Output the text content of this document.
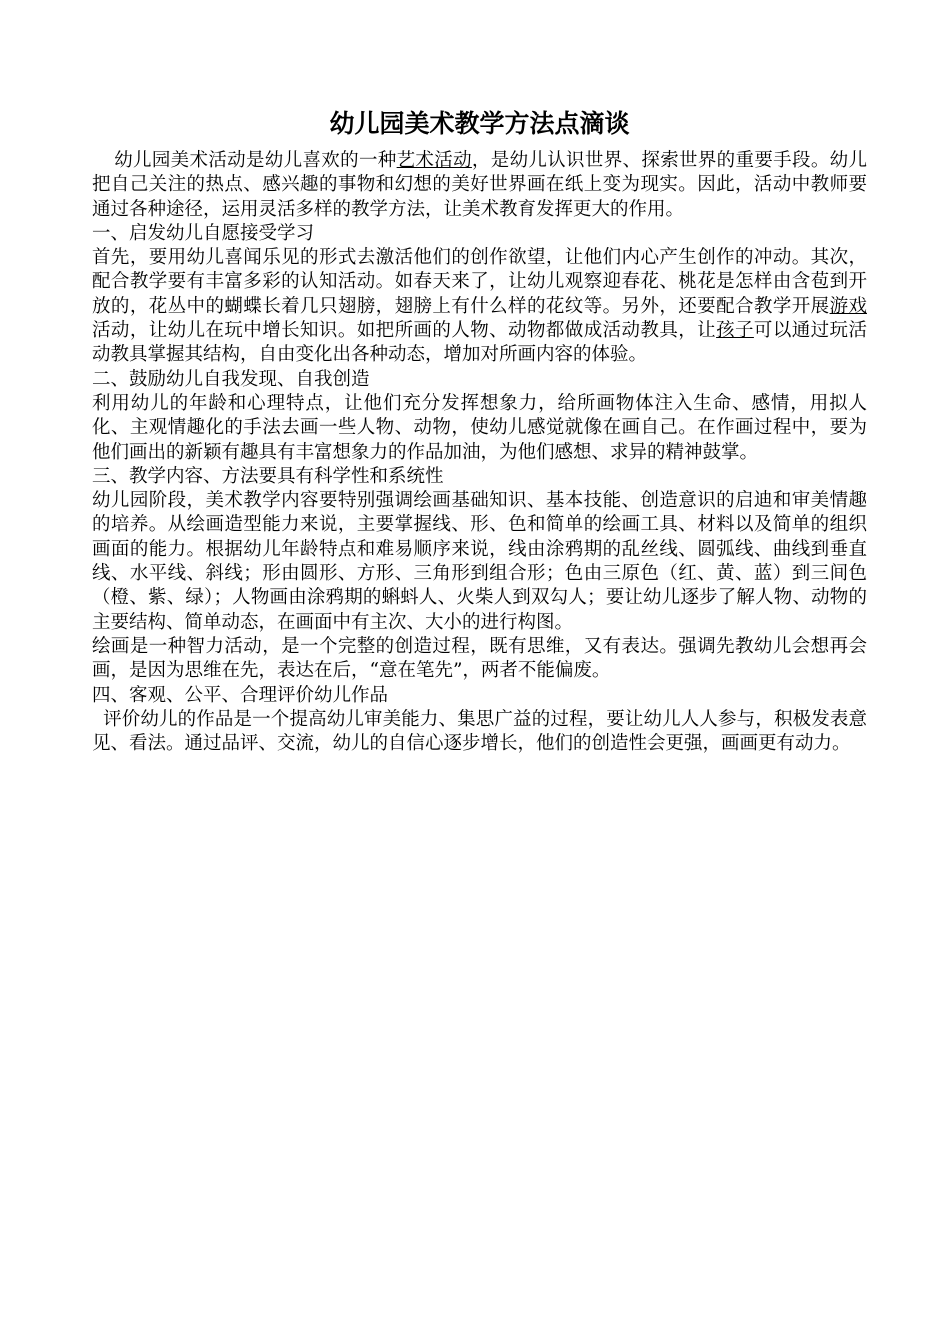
幼儿园美术教学方法点滴谈

幼儿园美术活动是幼儿喜欢的一种艺术活动，是幼儿认识世界、探索世界的重要手段。幼儿把自己关注的热点、感兴趣的事物和幻想的美好世界画在纸上变为现实。因此，活动中教师要通过各种途径，运用灵活多样的教学方法，让美术教育发挥更大的作用。

一、启发幼儿自愿接受学习

首先，要用幼儿喜闻乐见的形式去激活他们的创作欲望，让他们内心产生创作的冲动。其次，配合教学要有丰富多彩的认知活动。如春天来了，让幼儿观察迎春花、桃花是怎样由含苞到开放的，花丛中的蝴蝶长着几只翅膀，翅膀上有什么样的花纹等。另外，还要配合教学开展游戏活动，让幼儿在玩中增长知识。如把所画的人物、动物都做成活动教具，让孩子可以通过玩活动教具掌握其结构，自由变化出各种动态，增加对所画内容的体验。

二、鼓励幼儿自我发现、自我创造

利用幼儿的年龄和心理特点，让他们充分发挥想象力，给所画物体注入生命、感情，用拟人化、主观情趣化的手法去画一些人物、动物，使幼儿感觉就像在画自己。在作画过程中，要为他们画出的新颖有趣具有丰富想象力的作品加油，为他们感想、求异的精神鼓掌。

三、教学内容、方法要具有科学性和系统性

幼儿园阶段，美术教学内容要特别强调绘画基础知识、基本技能、创造意识的启迪和审美情趣的培养。从绘画造型能力来说，主要掌握线、形、色和简单的绘画工具、材料以及简单的组织画面的能力。根据幼儿年龄特点和难易顺序来说，线由涂鸦期的乱丝线、圆弧线、曲线到垂直线、水平线、斜线；形由圆形、方形、三角形到组合形；色由三原色（红、黄、蓝）到三间色（橙、紫、绿）；人物画由涂鸦期的蝌蚪人、火柴人到双勾人；要让幼儿逐步了解人物、动物的主要结构、简单动态，在画面中有主次、大小的进行构图。

绘画是一种智力活动，是一个完整的创造过程，既有思维，又有表达。强调先教幼儿会想再会画，是因为思维在先，表达在后，“意在笔先”，两者不能偏废。

四、客观、公平、合理评价幼儿作品

评价幼儿的作品是一个提高幼儿审美能力、集思广益的过程，要让幼儿人人参与，积极发表意见、看法。通过品评、交流，幼儿的自信心逐步增长，他们的创造性会更强，画画更有动力。
